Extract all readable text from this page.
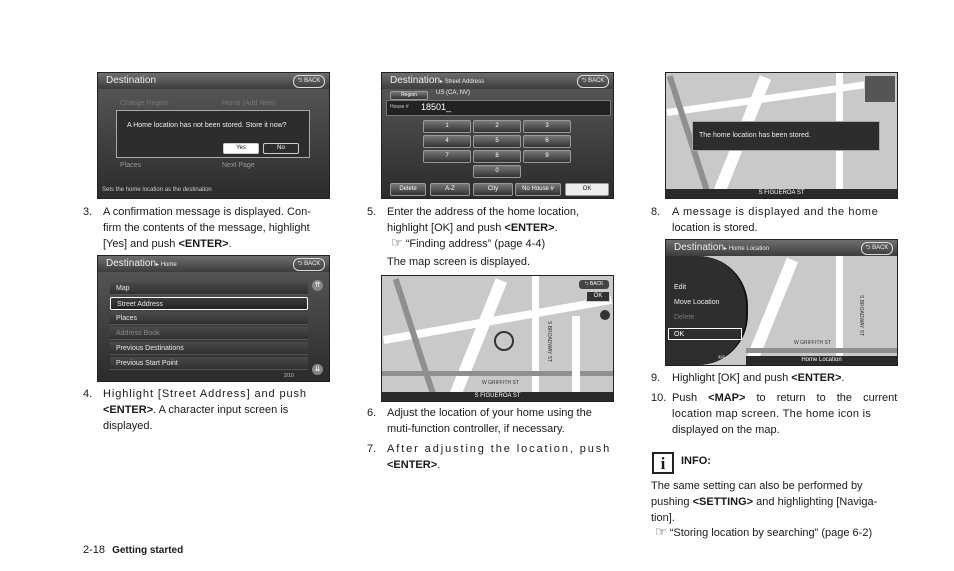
Destination	⮌ BACK
Change Region	Home (Add New)
Places	Next Page
A Home location has not been stored. Store it now?
Yes	No
Sets the home location as the destination
3. A confirmation message is displayed. Con-
firm the contents of the message, highlight
[Yes] and push <ENTER>.
Destination▸ Home	⮌ BACK
Map
Street Address
Places
Address Book
Previous Destinations
Previous Start Point
⇈
⇊
2/10
4. Highlight [Street Address] and push
<ENTER>. A character input screen is
displayed.
Destination▸ Street Address	⮌ BACK
Region	US (CA, NV)
House # 18501_
1	2	3
4	5	6
7	8	9
0
Delete	A-Z	City	No House #	OK
5. Enter the address of the home location,
highlight [OK] and push <ENTER>.
☞ “Finding address” (page 4-4)
The map screen is displayed.
S BROADWAY ST
W GRIFFITH ST
⮌ BACK
OK
S FIGUEROA ST
6. Adjust the location of your home using the
muti-function controller, if necessary.
7. After adjusting the location, push
<ENTER>.
The home location has been stored.
S FIGUEROA ST
8. A message is displayed and the home
location is stored.
Destination▸ Home Location	⮌ BACK
Edit
Move Location
Delete
OK
4/4
W GRIFFITH ST
S BROADWAY ST
Home Location
9. Highlight [OK] and push <ENTER>.
10. Push <MAP> to return to the current
location map screen. The home icon is
displayed on the map.
i	INFO:
The same setting can also be performed by
pushing <SETTING> and highlighting [Naviga-
tion].
☞ “Storing location by searching” (page 6-2)
2-18 Getting started
